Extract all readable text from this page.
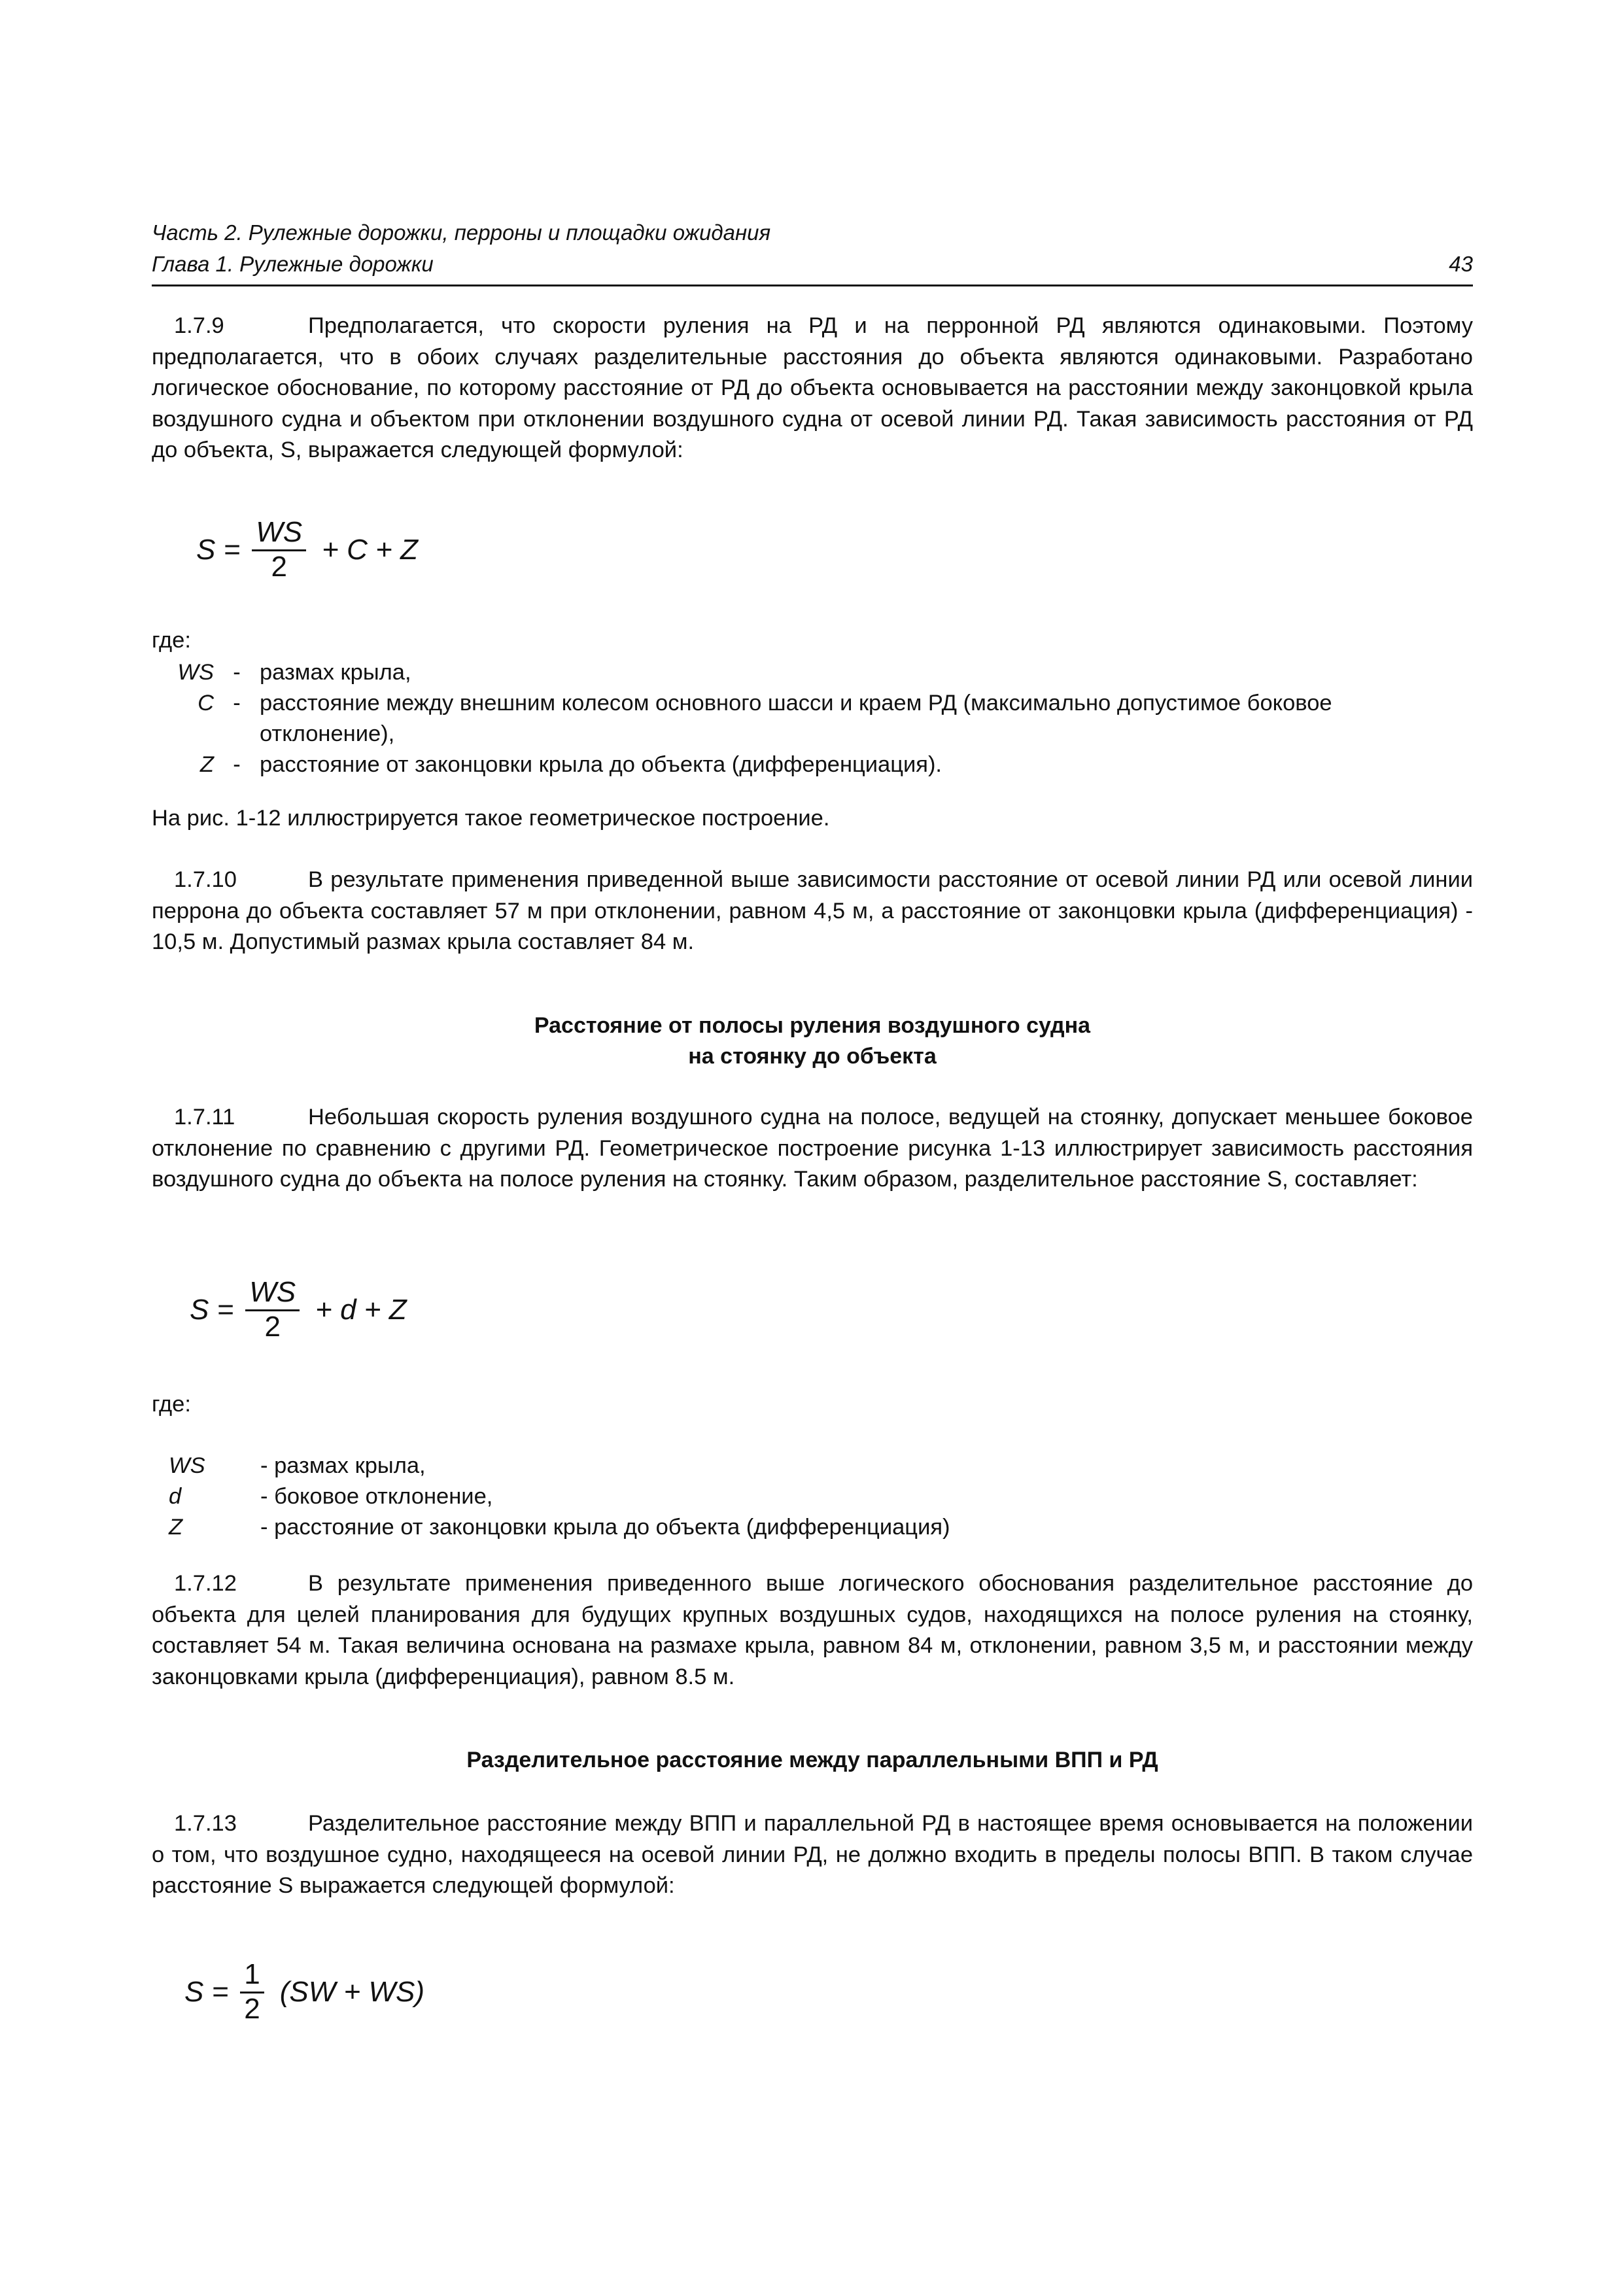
Часть 2. Рулежные дорожки, перроны и площадки ожидания
Глава 1. Рулежные дорожки	43
1.7.9	Предполагается, что скорости руления на РД и на перронной РД являются одинаковыми. Поэтому предполагается, что в обоих случаях разделительные расстояния до объекта являются одинаковыми. Разработано логическое обоснование, по которому расстояние от РД до объекта основывается на расстоянии между законцовкой крыла воздушного судна и объектом при отклонении воздушного судна от осевой линии РД. Такая зависимость расстояния от РД до объекта, S, выражается следующей формулой:
$S = \frac{WS}{2} + C + Z$
где:
WS - размах крыла,
C - расстояние между внешним колесом основного шасси и краем РД (максимально допустимое боковое отклонение),
Z - расстояние от законцовки крыла до объекта (дифференциация).
На рис. 1-12 иллюстрируется такое геометрическое построение.
1.7.10	В результате применения приведенной выше зависимости расстояние от осевой линии РД или осевой линии перрона до объекта составляет 57 м при отклонении, равном 4,5 м, а расстояние от законцовки крыла (дифференциация) - 10,5 м. Допустимый размах крыла составляет 84 м.
Расстояние от полосы руления воздушного судна
на стоянку до объекта
1.7.11	Небольшая скорость руления воздушного судна на полосе, ведущей на стоянку, допускает меньшее боковое отклонение по сравнению с другими РД. Геометрическое построение рисунка 1-13 иллюстрирует зависимость расстояния воздушного судна до объекта на полосе руления на стоянку. Таким образом, разделительное расстояние S, составляет:
$S = \frac{WS}{2} + d + Z$
где:
WS	- размах крыла,
d	- боковое отклонение,
Z	- расстояние от законцовки крыла до объекта (дифференциация)
1.7.12	В результате применения приведенного выше логического обоснования разделительное расстояние до объекта для целей планирования для будущих крупных воздушных судов, находящихся на полосе руления на стоянку, составляет 54 м. Такая величина основана на размахе крыла, равном 84 м, отклонении, равном 3,5 м, и расстоянии между законцовками крыла (дифференциация), равном 8.5 м.
Разделительное расстояние между параллельными ВПП и РД
1.7.13	Разделительное расстояние между ВПП и параллельной РД в настоящее время основывается на положении о том, что воздушное судно, находящееся на осевой линии РД, не должно входить в пределы полосы ВПП. В таком случае расстояние S выражается следующей формулой:
$S = \frac{1}{2} (SW + WS)$
